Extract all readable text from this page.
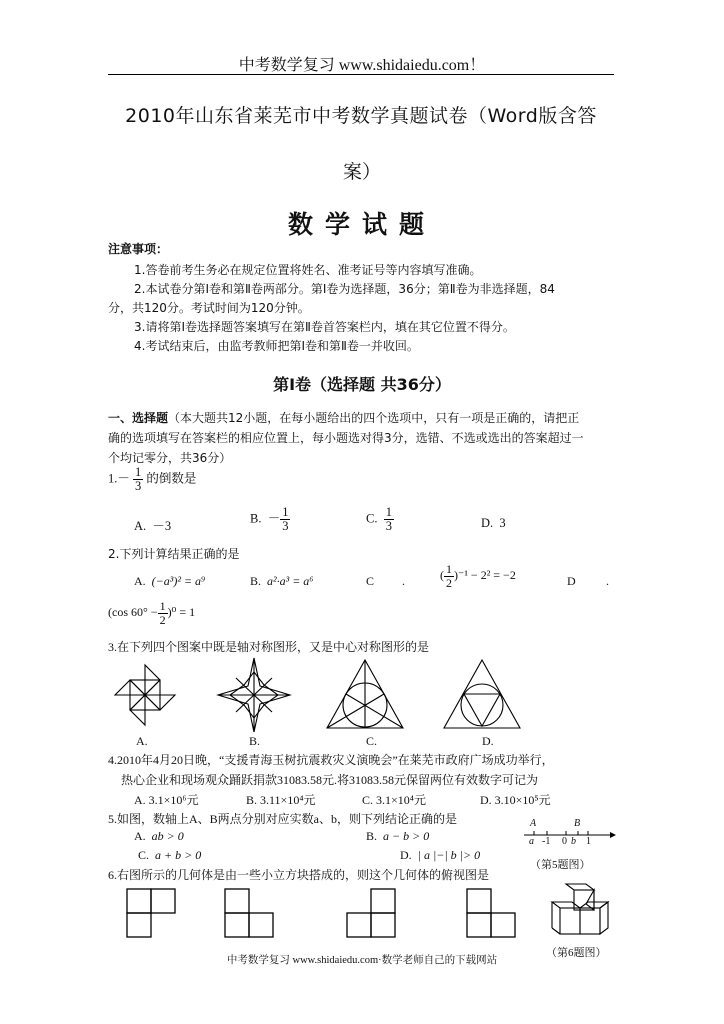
中考数学复习 www.shidaiedu.com！
2010年山东省莱芜市中考数学真题试卷（Word版含答
案）
数学试题
注意事项：
1.答卷前考生务必在规定位置将姓名、准考证号等内容填写准确。
2.本试卷分第Ⅰ卷和第Ⅱ卷两部分。第Ⅰ卷为选择题，36分；第Ⅱ卷为非选择题，84
分，共120分。考试时间为120分钟。
3.请将第Ⅰ卷选择题答案填写在第Ⅱ卷首答案栏内，填在其它位置不得分。
4.考试结束后，由监考教师把第Ⅰ卷和第Ⅱ卷一并收回。
第Ⅰ卷（选择题 共36分）
一、选择题（本大题共12小题，在每小题给出的四个选项中，只有一项是正确的，请把正
确的选项填写在答案栏的相应位置上，每小题选对得3分，选错、不选或选出的答案超过一
个均记零分，共36分）
$1.- \frac{1}{3}$ 的倒数是
A. －3
B. － $\frac{1}{3}$	C. $\frac{1}{3}$	D. 3
2.下列计算结果正确的是
A. (−a³)² = a⁹	B. a²·a³ = a⁶	C .	( $\frac{1}{2} )^{-1} - 2^2 = -2$	D	.
(cos $60^\circ - \frac{1}{2} )^0 = 1$
3.在下列四个图案中既是轴对称图形，又是中心对称图形的是
A.	B.	C.	D.
4.2010年4月20日晚，“支援青海玉树抗震救灾义演晚会”在莱芜市政府广场成功举行，
热心企业和现场观众踊跃捐款31083.58元.将31083.58元保留两位有效数字可记为
A. 3.1×10⁶元	B. 3.11×10⁴元	C. 3.1×10⁴元	D. 3.10×10⁵元
5.如图，数轴上A、B两点分别对应实数a、b，则下列结论正确的是
A. ab > 0	B. a − b > 0
C. a + b > 0	D. | a |−| b |> 0
A	B
a -1 0 b 1
（第5题图）
6.右图所示的几何体是由一些小立方块搭成的，则这个几何体的俯视图是
（第6题图）
中考数学复习 www.shidaiedu.com·数学老师自己的下载网站
